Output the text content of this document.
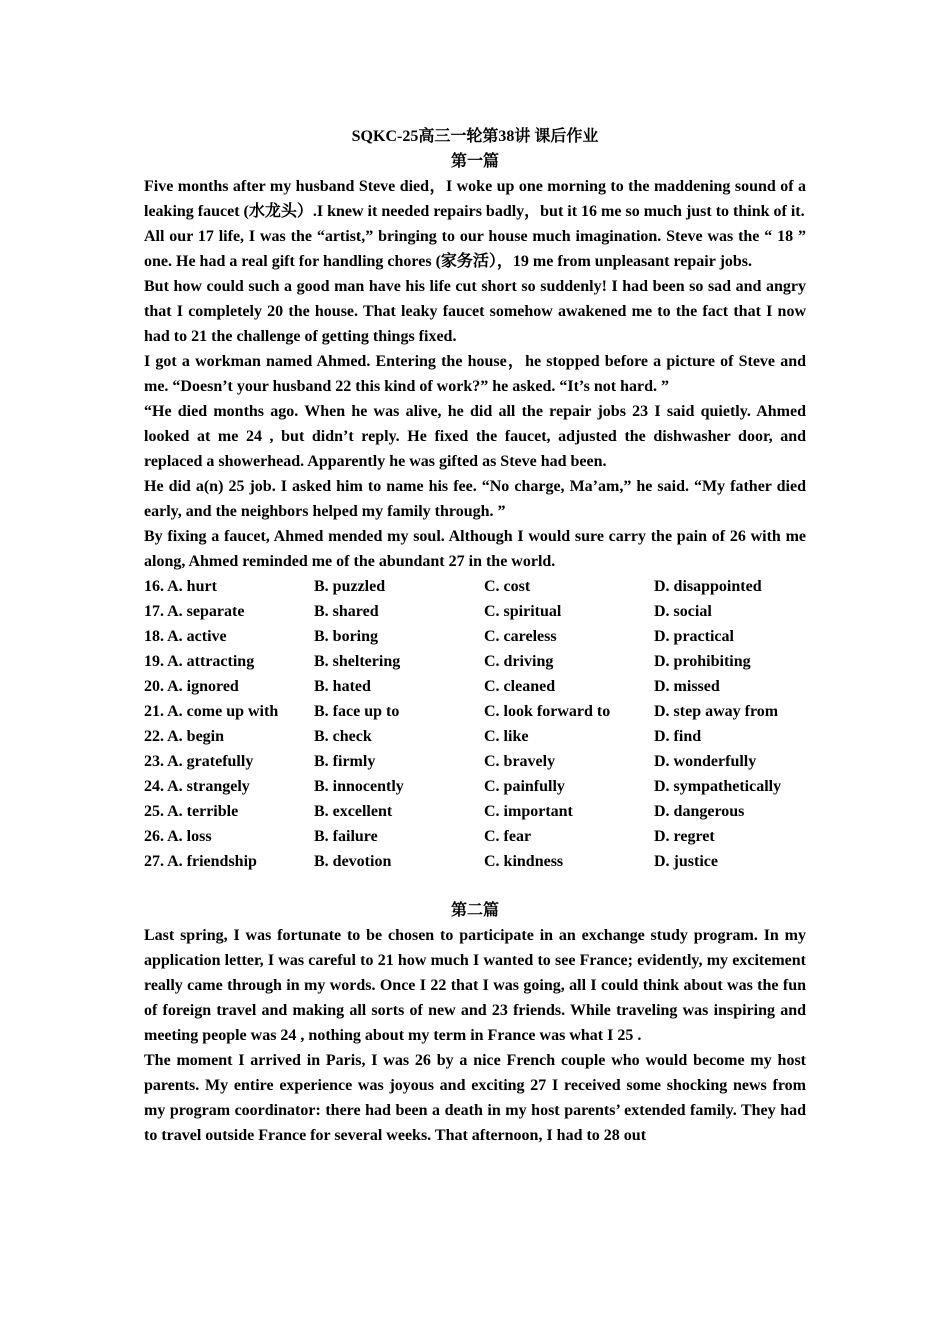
SQKC-25高三一轮第38讲 课后作业
第一篇

Five months after my husband Steve died，I woke up one morning to the maddening sound of a leaking faucet (水龙头）.I knew it needed repairs badly，but it 16 me so much just to think of it.

All our 17 life, I was the “artist,” bringing to our house much imagination. Steve was the “ 18 ” one. He had a real gift for handling chores (家务活），19 me from unpleasant repair jobs.

But how could such a good man have his life cut short so suddenly! I had been so sad and angry that I completely 20 the house. That leaky faucet somehow awakened me to the fact that I now had to 21 the challenge of getting things fixed.

I got a workman named Ahmed. Entering the house，he stopped before a picture of Steve and me. “Doesn’t your husband 22 this kind of work?” he asked. “It’s not hard. ”

“He died months ago. When he was alive, he did all the repair jobs 23 I said quietly. Ahmed looked at me 24 , but didn’t reply. He fixed the faucet, adjusted the dishwasher door, and replaced a showerhead. Apparently he was gifted as Steve had been.

He did a(n) 25 job. I asked him to name his fee. “No charge, Ma’am,” he said. “My father died early, and the neighbors helped my family through. ”

By fixing a faucet, Ahmed mended my soul. Although I would sure carry the pain of 26 with me along, Ahmed reminded me of the abundant 27 in the world.

16. A. hurt	B. puzzled	C. cost	D. disappointed
17. A. separate	B. shared	C. spiritual	D. social
18. A. active	B. boring	C. careless	D. practical
19. A. attracting	B. sheltering	C. driving	D. prohibiting
20. A. ignored	B. hated	C. cleaned	D. missed
21. A. come up with	B. face up to	C. look forward to	D. step away from
22. A. begin	B. check	C. like	D. find
23. A. gratefully	B. firmly	C. bravely	D. wonderfully
24. A. strangely	B. innocently	C. painfully	D. sympathetically
25. A. terrible	B. excellent	C. important	D. dangerous
26. A. loss	B. failure	C. fear	D. regret
27. A. friendship	B. devotion	C. kindness	D. justice
第二篇

Last spring, I was fortunate to be chosen to participate in an exchange study program. In my application letter, I was careful to 21 how much I wanted to see France; evidently, my excitement really came through in my words. Once I 22 that I was going, all I could think about was the fun of foreign travel and making all sorts of new and 23 friends. While traveling was inspiring and meeting people was 24 , nothing about my term in France was what I 25 .

The moment I arrived in Paris, I was 26 by a nice French couple who would become my host parents. My entire experience was joyous and exciting 27 I received some shocking news from my program coordinator: there had been a death in my host parents’ extended family. They had to travel outside France for several weeks. That afternoon, I had to 28 out
